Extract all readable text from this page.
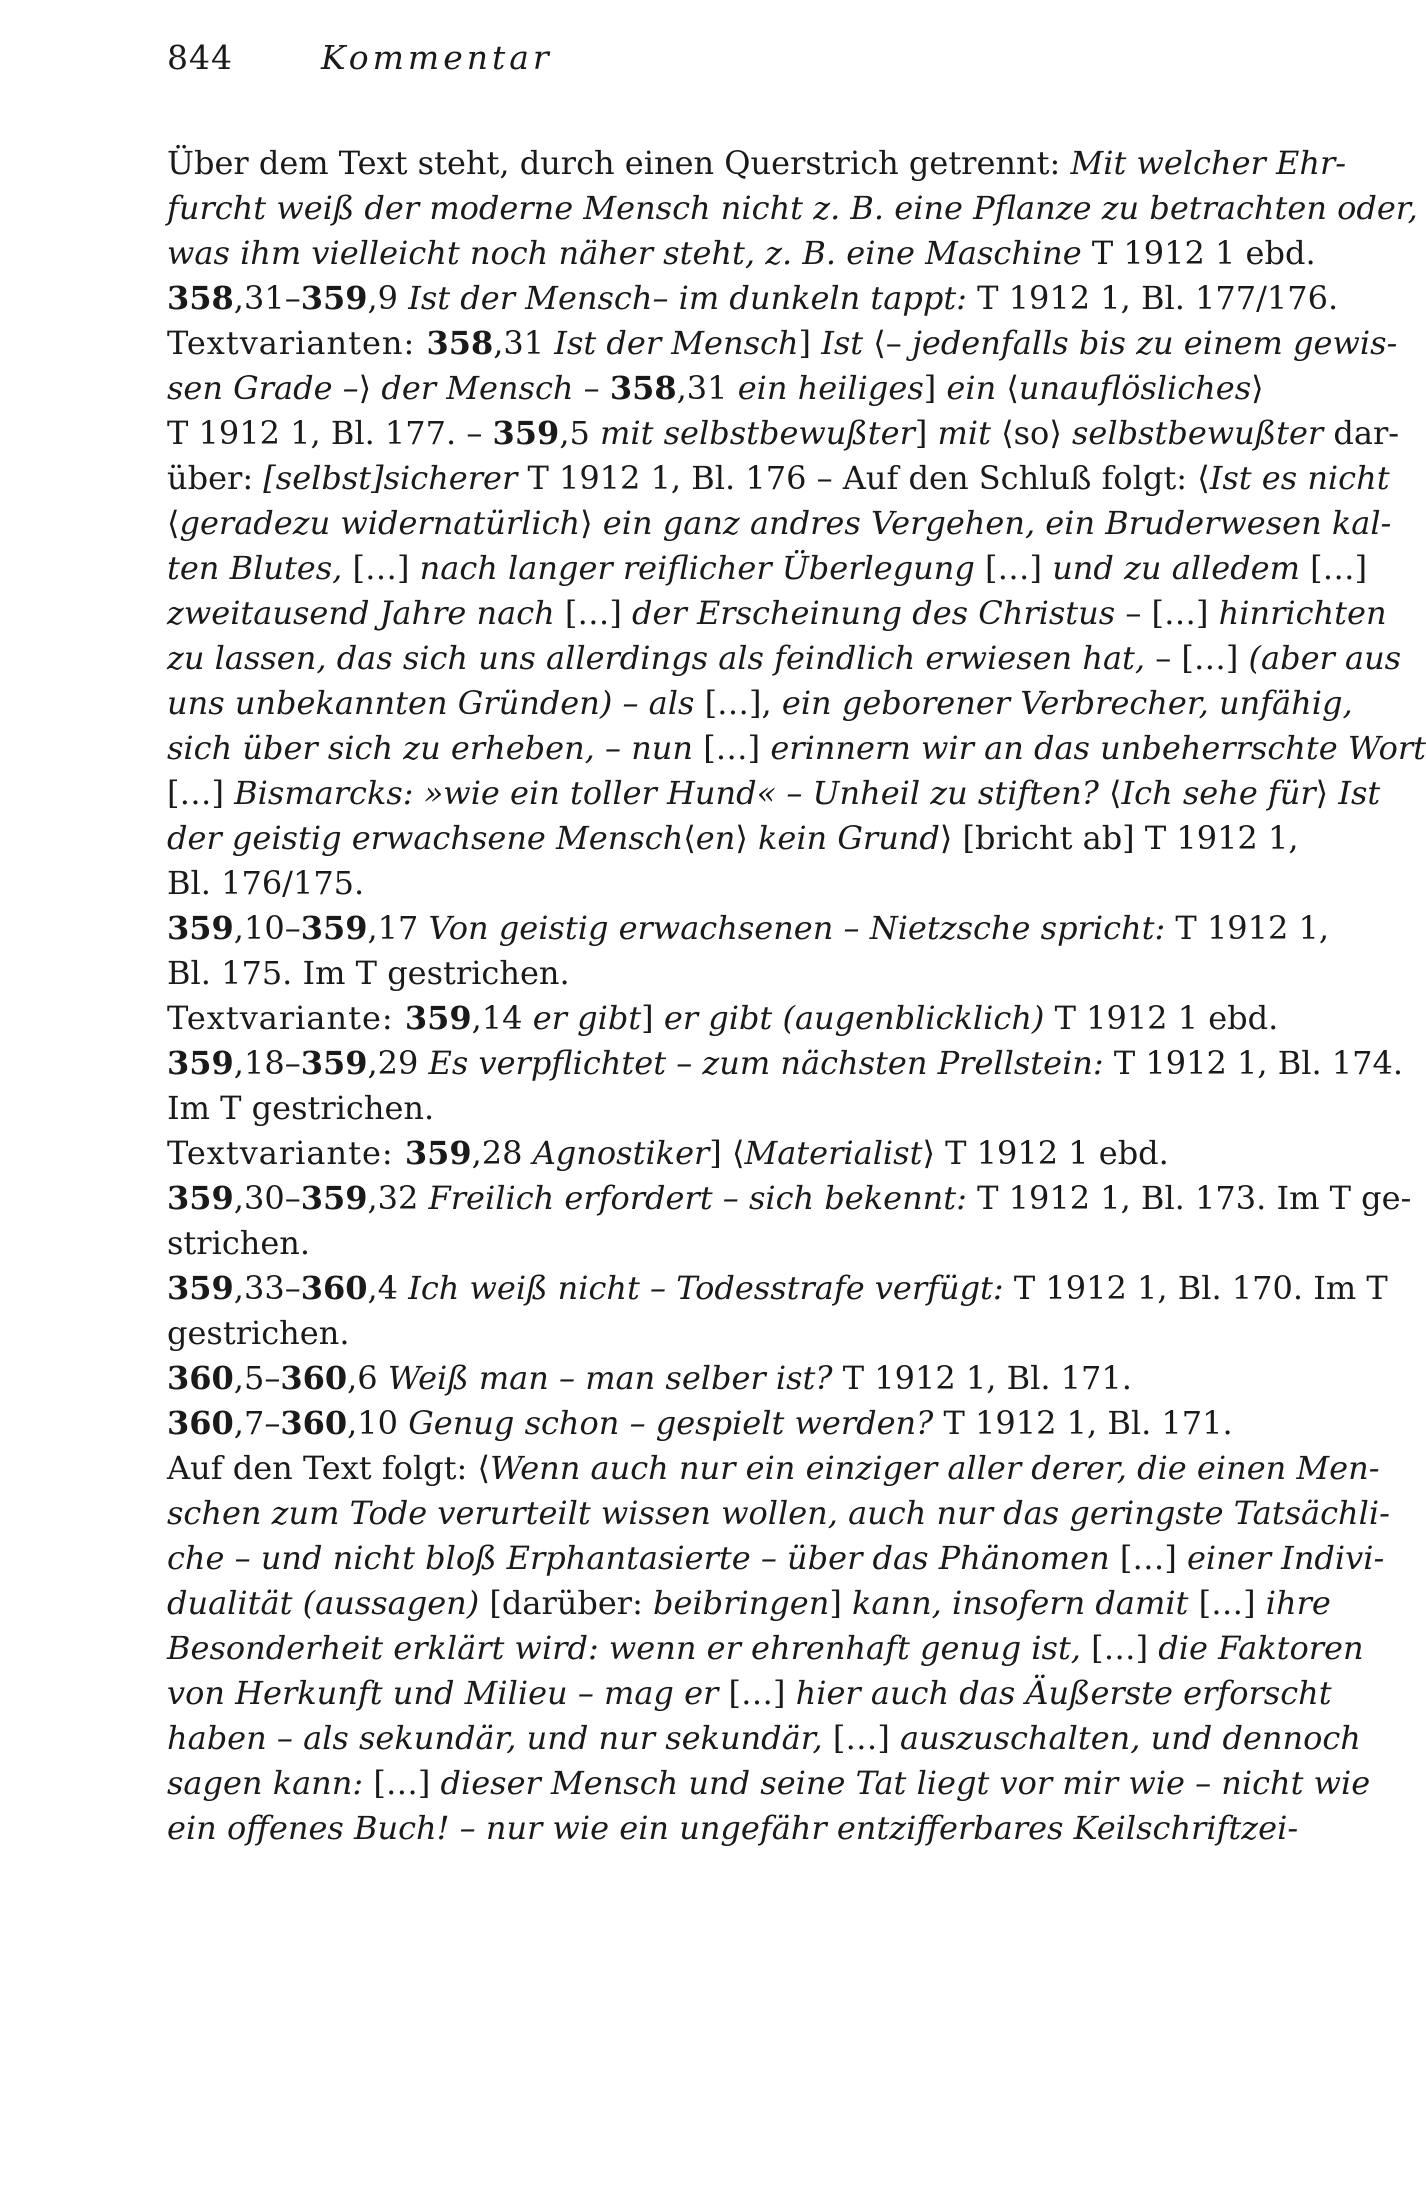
844	Kommentar
Über dem Text steht, durch einen Querstrich getrennt: Mit welcher Ehr-
furcht weiß der moderne Mensch nicht z. B. eine Pflanze zu betrachten oder,
was ihm vielleicht noch näher steht, z. B. eine Maschine T 1912 1 ebd.
358,31–359,9 Ist der Mensch– im dunkeln tappt: T 1912 1, Bl. 177/176.
Textvarianten: 358,31 Ist der Mensch] Ist ⟨– jedenfalls bis zu einem gewis-
sen Grade –⟩ der Mensch – 358,31 ein heiliges] ein ⟨unauflösliches⟩
T 1912 1, Bl. 177. – 359,5 mit selbstbewußter] mit ⟨so⟩ selbstbewußter dar-
über: [selbst]sicherer T 1912 1, Bl. 176 – Auf den Schluß folgt: ⟨Ist es nicht
⟨geradezu widernatürlich⟩ ein ganz andres Vergehen, ein Bruderwesen kal-
ten Blutes, […] nach langer reiflicher Überlegung […] und zu alledem […]
zweitausend Jahre nach […] der Erscheinung des Christus – […] hinrichten
zu lassen, das sich uns allerdings als feindlich erwiesen hat, – […] (aber aus
uns unbekannten Gründen) – als […], ein geborener Verbrecher, unfähig,
sich über sich zu erheben, – nun […] erinnern wir an das unbeherrschte Wort
[…] Bismarcks: »wie ein toller Hund« – Unheil zu stiften? ⟨Ich sehe für⟩ Ist
der geistig erwachsene Mensch⟨en⟩ kein Grund⟩ [bricht ab] T 1912 1,
Bl. 176/175.
359,10–359,17 Von geistig erwachsenen – Nietzsche spricht: T 1912 1,
Bl. 175. Im T gestrichen.
Textvariante: 359,14 er gibt] er gibt (augenblicklich) T 1912 1 ebd.
359,18–359,29 Es verpflichtet – zum nächsten Prellstein: T 1912 1, Bl. 174.
Im T gestrichen.
Textvariante: 359,28 Agnostiker] ⟨Materialist⟩ T 1912 1 ebd.
359,30–359,32 Freilich erfordert – sich bekennt: T 1912 1, Bl. 173. Im T ge-
strichen.
359,33–360,4 Ich weiß nicht – Todesstrafe verfügt: T 1912 1, Bl. 170. Im T
gestrichen.
360,5–360,6 Weiß man – man selber ist? T 1912 1, Bl. 171.
360,7–360,10 Genug schon – gespielt werden? T 1912 1, Bl. 171.
Auf den Text folgt: ⟨Wenn auch nur ein einziger aller derer, die einen Men-
schen zum Tode verurteilt wissen wollen, auch nur das geringste Tatsächli-
che – und nicht bloß Erphantasierte – über das Phänomen […] einer Indivi-
dualität (aussagen) [darüber: beibringen] kann, insofern damit […] ihre
Besonderheit erklärt wird: wenn er ehrenhaft genug ist, […] die Faktoren
von Herkunft und Milieu – mag er […] hier auch das Äußerste erforscht
haben – als sekundär, und nur sekundär, […] auszuschalten, und dennoch
sagen kann: […] dieser Mensch und seine Tat liegt vor mir wie – nicht wie
ein offenes Buch! – nur wie ein ungefähr entzifferbares Keilschriftzei-
